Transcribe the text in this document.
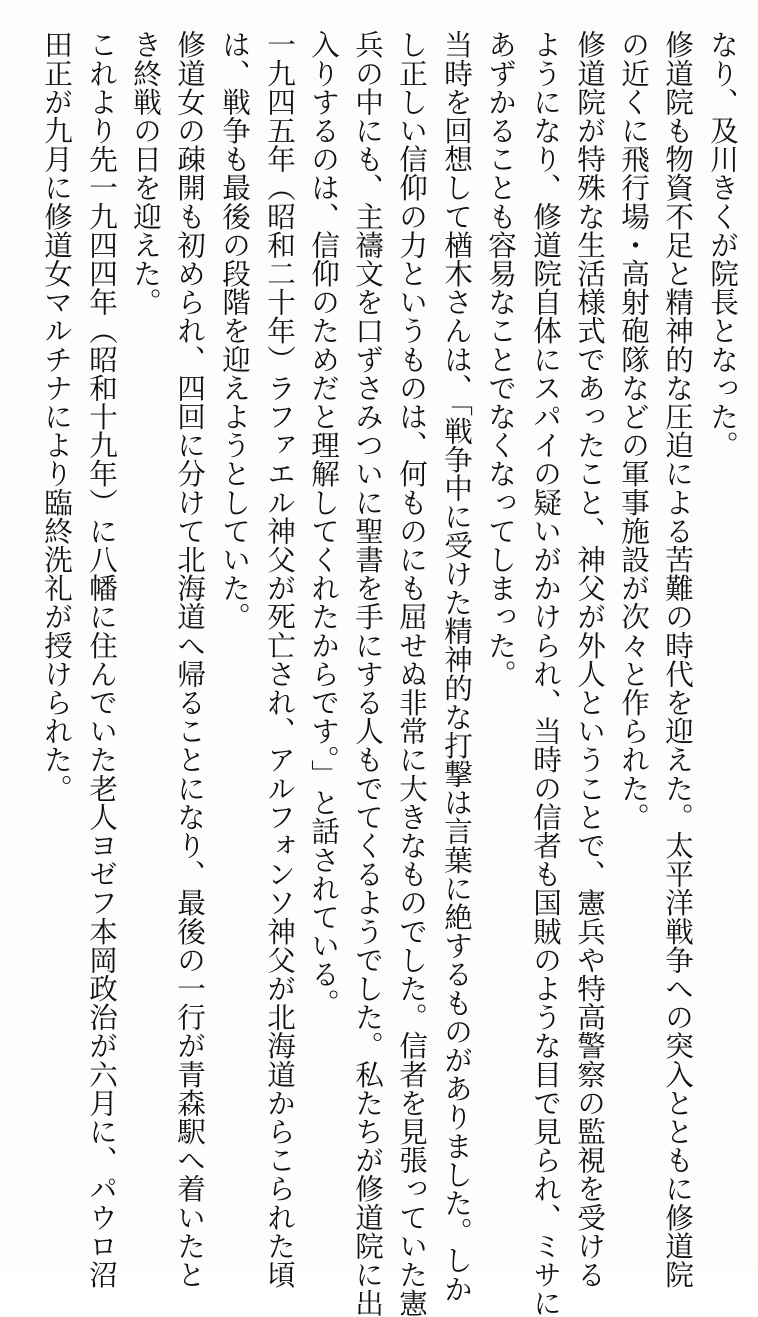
なり、及川きくが院長となった。
修道院も物資不足と精神的な圧迫による苦難の時代を迎えた。太平洋戦争への突入とともに修道院
の近くに飛行場・高射砲隊などの軍事施設が次々と作られた。
修道院が特殊な生活様式であったこと、神父が外人ということで、憲兵や特高警察の監視を受ける
ようになり、修道院自体にスパイの疑いがかけられ、当時の信者も国賊のような目で見られ、ミサに
あずかることも容易なことでなくなってしまった。
当時を回想して楢木さんは、「戦争中に受けた精神的な打撃は言葉に絶するものがありました。しか
し正しい信仰の力というものは、何ものにも屈せぬ非常に大きなものでした。信者を見張っていた憲
兵の中にも、主禱文を口ずさみついに聖書を手にする人もでてくるようでした。私たちが修道院に出
入りするのは、信仰のためだと理解してくれたからです。」と話されている。
一九四五年（昭和二十年）ラファエル神父が死亡され、アルフォンソ神父が北海道からこられた頃
は、戦争も最後の段階を迎えようとしていた。
修道女の疎開も初められ、四回に分けて北海道へ帰ることになり、最後の一行が青森駅へ着いたと
き終戦の日を迎えた。
これより先一九四四年（昭和十九年）に八幡に住んでいた老人ヨゼフ本岡政治が六月に、パウロ沼
田正が九月に修道女マルチナにより臨終洗礼が授けられた。
